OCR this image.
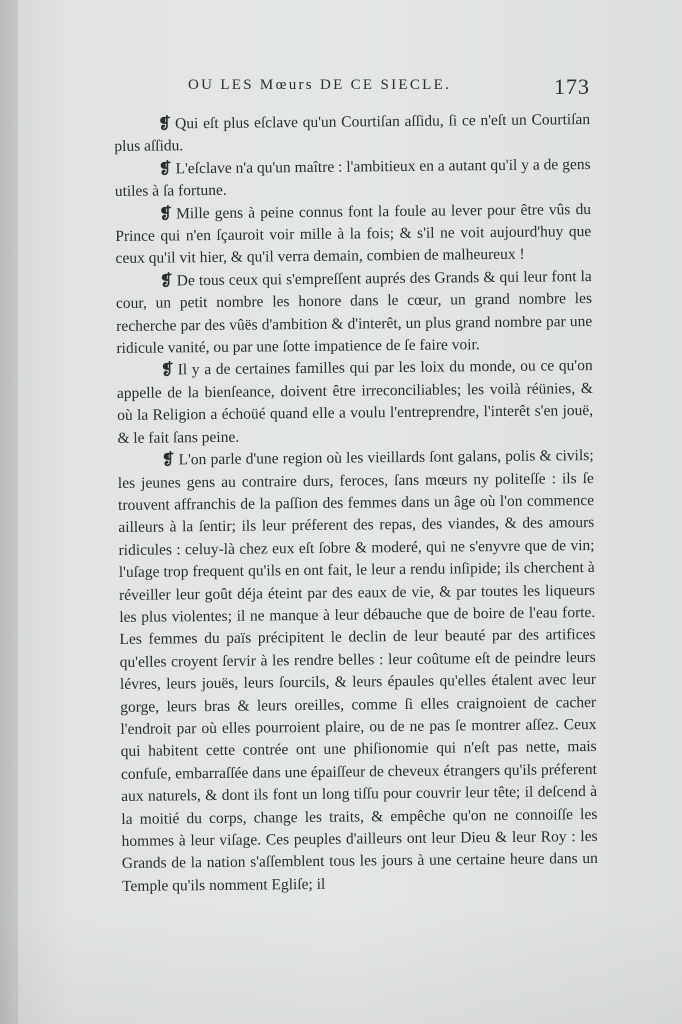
OU LES Mœurs DE CE SIECLE.	173

❡ Qui eſt plus eſclave qu'un Courtiſan aſſidu, ſi ce n'eſt un Courtiſan plus aſſidu.

❡ L'eſclave n'a qu'un maître : l'ambitieux en a autant qu'il y a de gens utiles à ſa fortune.

❡ Mille gens à peine connus font la foule au lever pour être vûs du Prince qui n'en ſçauroit voir mille à la fois; & s'il ne voit aujourd'huy que ceux qu'il vit hier, & qu'il verra demain, combien de malheureux !

❡ De tous ceux qui s'empreſſent auprés des Grands & qui leur font la cour, un petit nombre les honore dans le cœur, un grand nombre les recherche par des vûës d'ambition & d'interêt, un plus grand nombre par une ridicule vanité, ou par une ſotte impatience de ſe faire voir.

❡ Il y a de certaines familles qui par les loix du monde, ou ce qu'on appelle de la bienſeance, doivent être irreconciliables; les voilà réünies, & où la Religion a échoüé quand elle a voulu l'entreprendre, l'interêt s'en jouë, & le fait ſans peine.

❡ L'on parle d'une region où les vieillards ſont galans, polis & civils; les jeunes gens au contraire durs, feroces, ſans mœurs ny politeſſe : ils ſe trouvent affranchis de la paſſion des femmes dans un âge où l'on commence ailleurs à la ſentir; ils leur préferent des repas, des viandes, & des amours ridicules : celuy-là chez eux eſt ſobre & moderé, qui ne s'enyvre que de vin; l'uſage trop frequent qu'ils en ont fait, le leur a rendu inſipide; ils cherchent à réveiller leur goût déja éteint par des eaux de vie, & par toutes les liqueurs les plus violentes; il ne manque à leur débauche que de boire de l'eau forte. Les femmes du païs précipitent le declin de leur beauté par des artifices qu'elles croyent ſervir à les rendre belles : leur coûtume eſt de peindre leurs lévres, leurs jouës, leurs ſourcils, & leurs épaules qu'elles étalent avec leur gorge, leurs bras & leurs oreilles, comme ſi elles craignoient de cacher l'endroit par où elles pourroient plaire, ou de ne pas ſe montrer aſſez. Ceux qui habitent cette contrée ont une phiſionomie qui n'eſt pas nette, mais confuſe, embarraſſée dans une épaiſſeur de cheveux étrangers qu'ils préferent aux naturels, & dont ils font un long tiſſu pour couvrir leur tête; il deſcend à la moitié du corps, change les traits, & empêche qu'on ne connoiſſe les hommes à leur viſage. Ces peuples d'ailleurs ont leur Dieu & leur Roy : les Grands de la nation s'aſſemblent tous les jours à une certaine heure dans un Temple qu'ils nomment Egliſe; il
